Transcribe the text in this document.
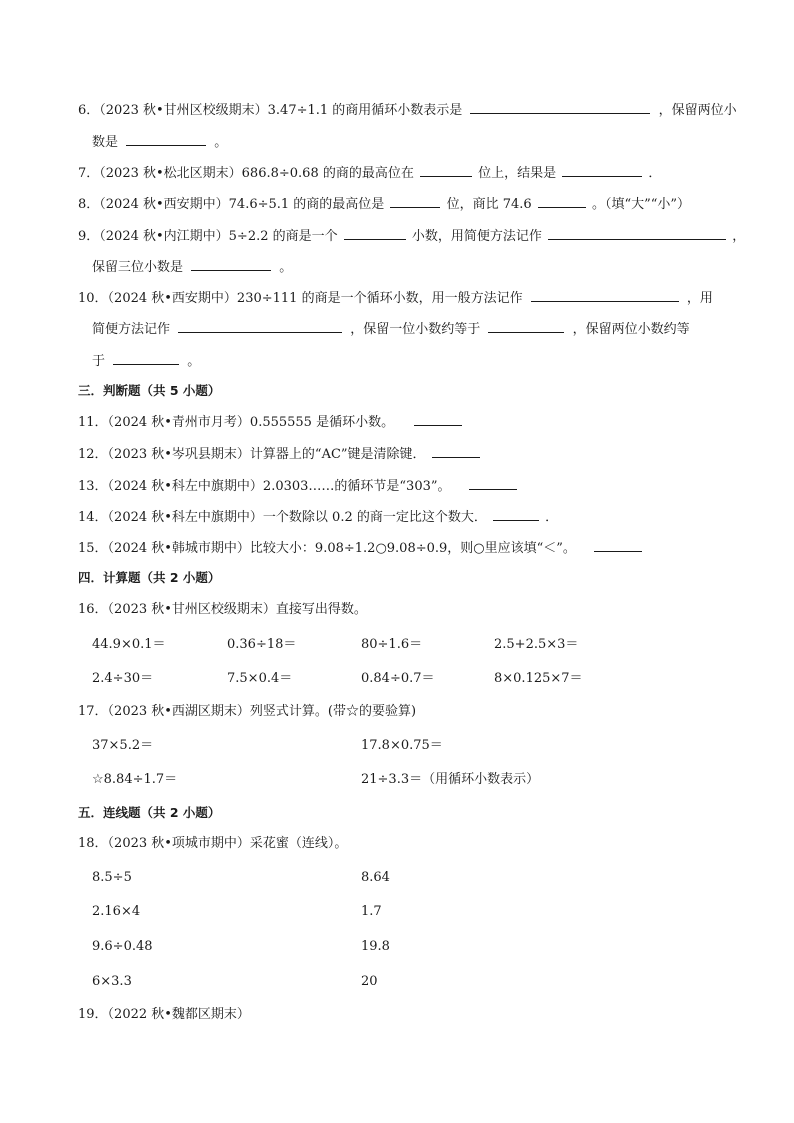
6．（2023 秋•甘州区校级期末）3.47÷1.1 的商用循环小数表示是	，保留两位小
数是	。
7．（2023 秋•松北区期末）686.8÷0.68 的商的最高位在	位上，结果是	．
8．（2024 秋•西安期中）74.6÷5.1 的商的最高位是	位，商比 74.6	。（填“大”“小”）
9．（2024 秋•内江期中）5÷2.2 的商是一个	小数，用简便方法记作	，
保留三位小数是	。
10．（2024 秋•西安期中）230÷111 的商是一个循环小数，用一般方法记作	，用
简便方法记作	，保留一位小数约等于	，保留两位小数约等
于	。
三．判断题（共 5 小题）
11．（2024 秋•青州市月考）0.555555 是循环小数。
12．（2023 秋•岑巩县期末）计算器上的“AC”键是清除键．
13．（2024 秋•科左中旗期中）2.0303……的循环节是“303”。
14．（2024 秋•科左中旗期中）一个数除以 0.2 的商一定比这个数大．	．
15．（2024 秋•韩城市期中）比较大小：9.08÷1.2○9.08÷0.9，则○里应该填“＜”。
四．计算题（共 2 小题）
16．（2023 秋•甘州区校级期末）直接写出得数。
44.9×0.1＝	0.36÷18＝	80÷1.6＝	2.5+2.5×3＝
2.4÷30＝	7.5×0.4＝	0.84÷0.7＝	8×0.125×7＝
17．（2023 秋•西湖区期末）列竖式计算。(带☆的要验算)
37×5.2＝	17.8×0.75＝
☆8.84÷1.7＝	21÷3.3＝（用循环小数表示）
五．连线题（共 2 小题）
18．（2023 秋•项城市期中）采花蜜（连线）。
8.5÷5	8.64
2.16×4	1.7
9.6÷0.48	19.8
6×3.3	20
19．（2022 秋•魏都区期末）
